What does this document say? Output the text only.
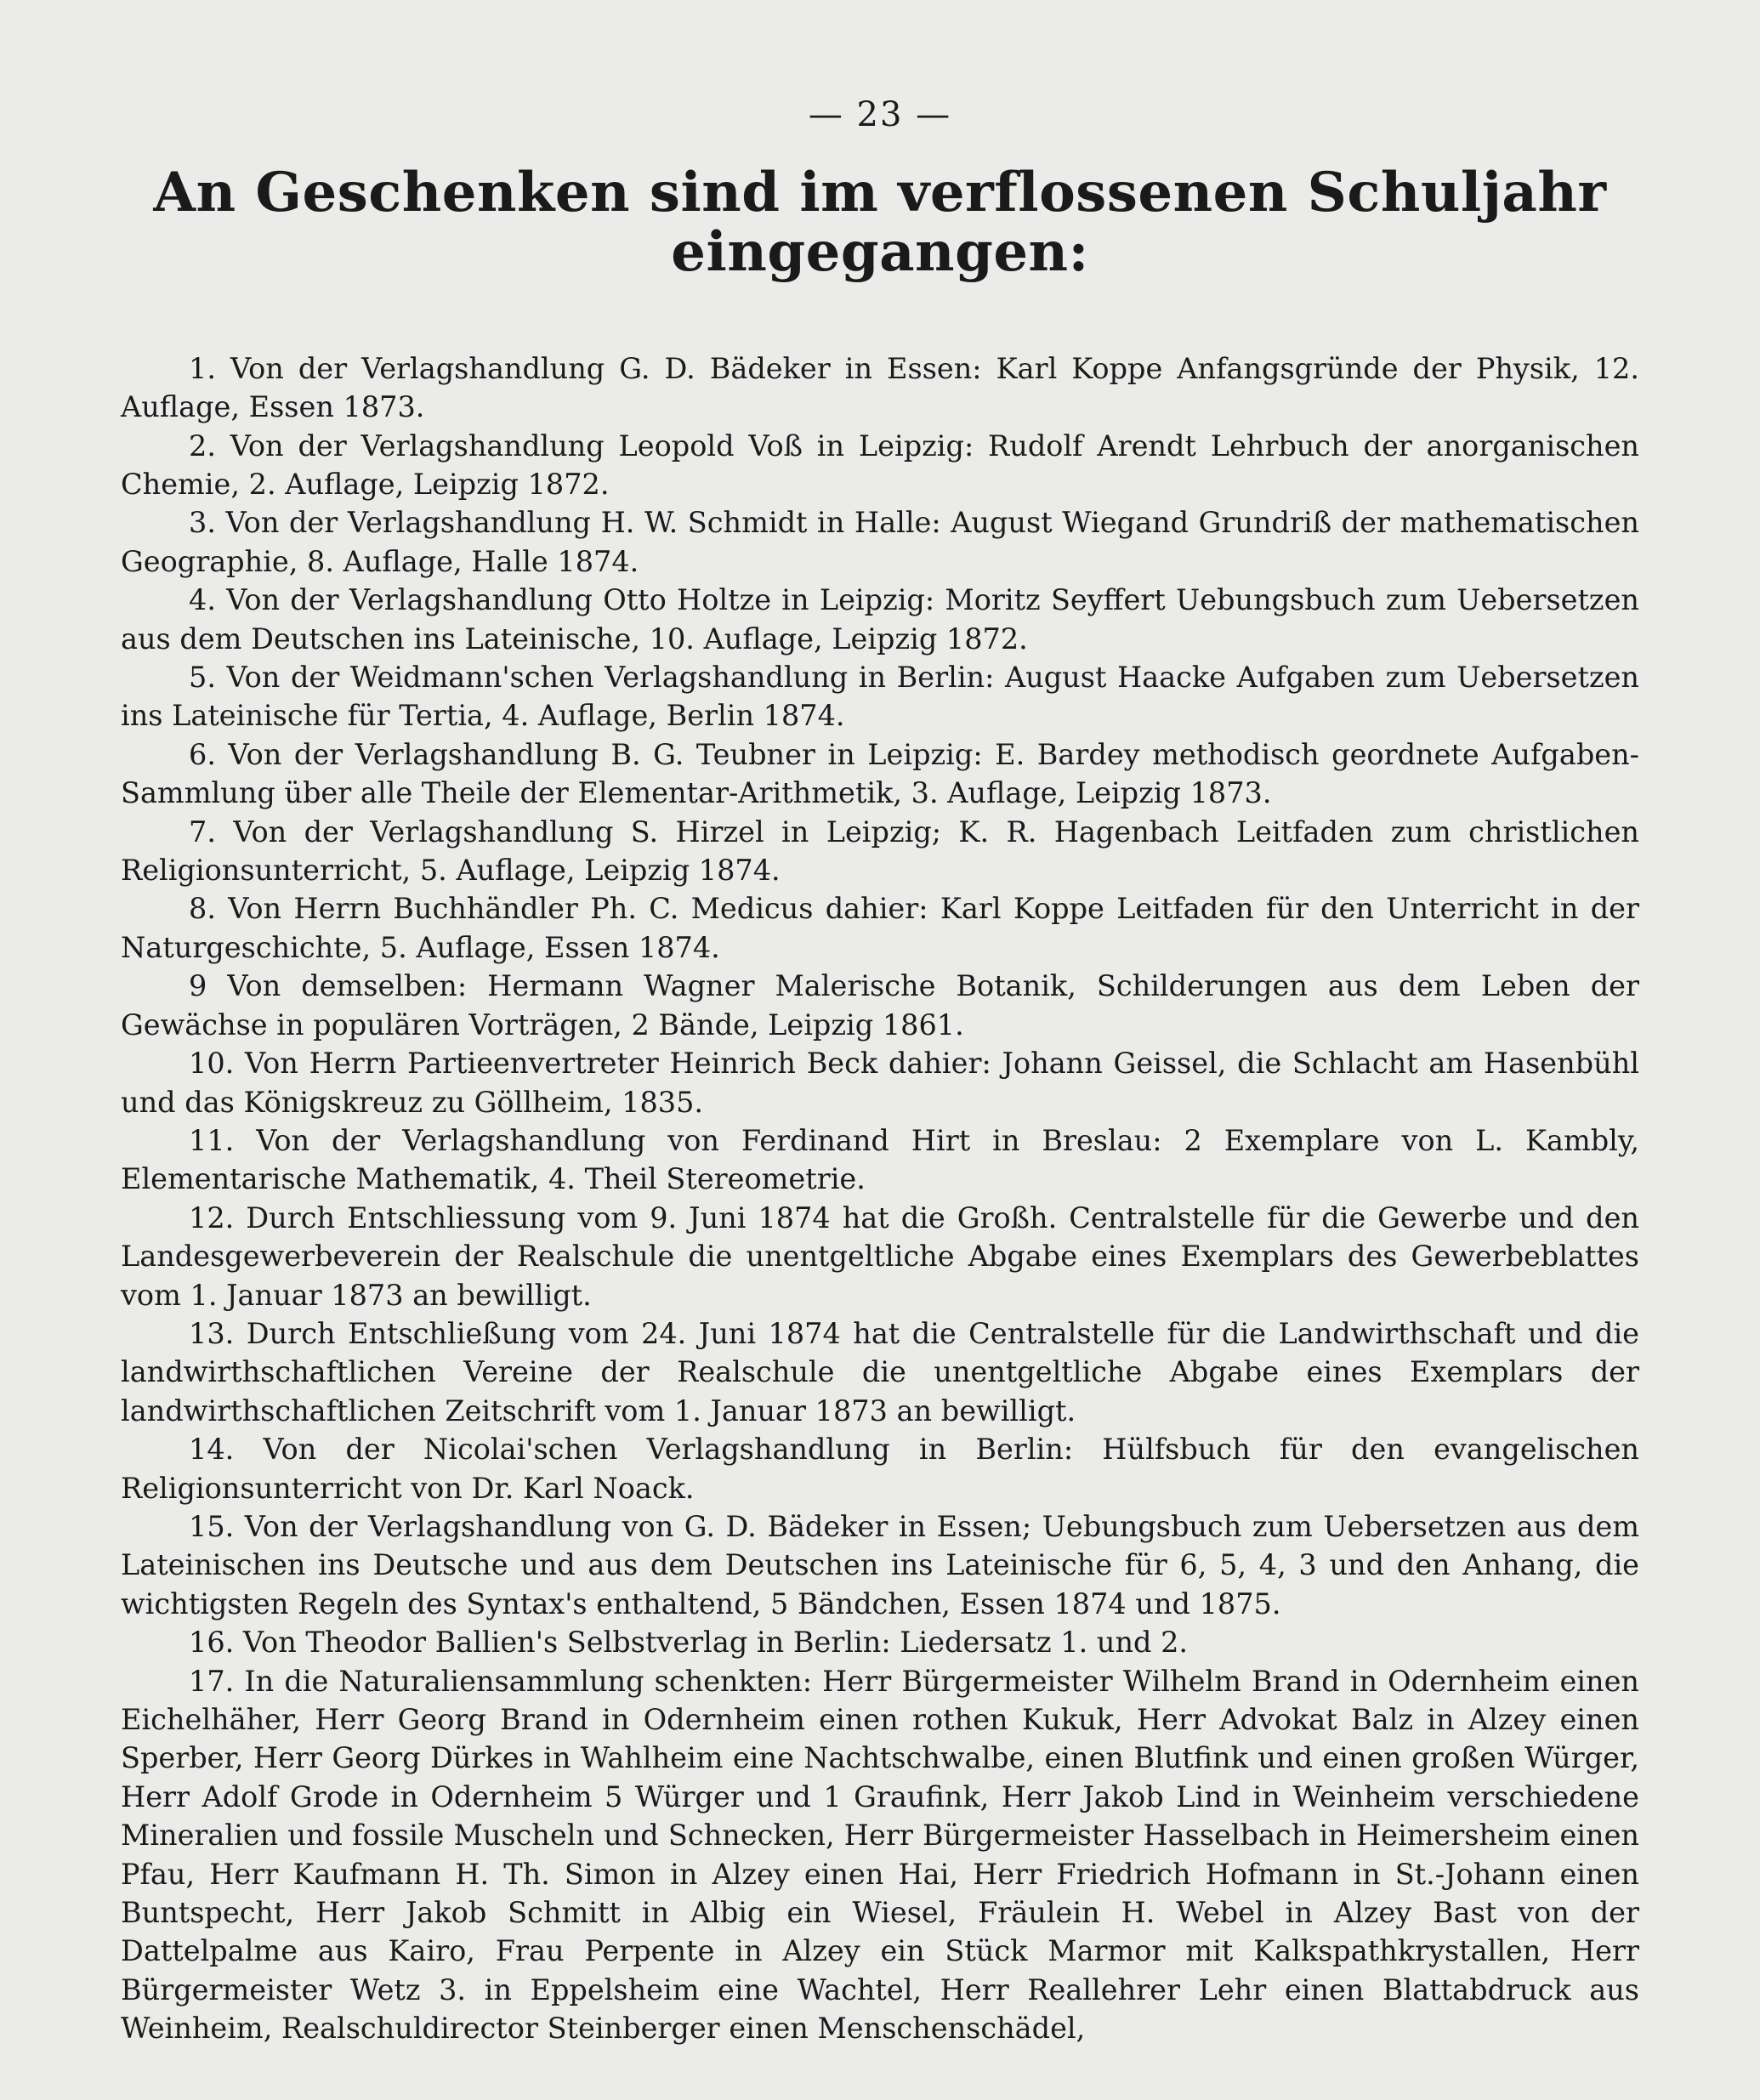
— 23 —
An Geschenken sind im verflossenen Schuljahr eingegangen:

1. Von der Verlagshandlung G. D. Bädeker in Essen: Karl Koppe Anfangsgründe der Physik, 12. Auflage, Essen 1873.

2. Von der Verlagshandlung Leopold Voß in Leipzig: Rudolf Arendt Lehrbuch der anorganischen Chemie, 2. Auflage, Leipzig 1872.

3. Von der Verlagshandlung H. W. Schmidt in Halle: August Wiegand Grundriß der mathematischen Geographie, 8. Auflage, Halle 1874.

4. Von der Verlagshandlung Otto Holtze in Leipzig: Moritz Seyffert Uebungsbuch zum Uebersetzen aus dem Deutschen ins Lateinische, 10. Auflage, Leipzig 1872.

5. Von der Weidmann'schen Verlagshandlung in Berlin: August Haacke Aufgaben zum Uebersetzen ins Lateinische für Tertia, 4. Auflage, Berlin 1874.

6. Von der Verlagshandlung B. G. Teubner in Leipzig: E. Bardey methodisch geordnete Aufgaben-Sammlung über alle Theile der Elementar-Arithmetik, 3. Auflage, Leipzig 1873.

7. Von der Verlagshandlung S. Hirzel in Leipzig; K. R. Hagenbach Leitfaden zum christlichen Religionsunterricht, 5. Auflage, Leipzig 1874.

8. Von Herrn Buchhändler Ph. C. Medicus dahier: Karl Koppe Leitfaden für den Unterricht in der Naturgeschichte, 5. Auflage, Essen 1874.

9 Von demselben: Hermann Wagner Malerische Botanik, Schilderungen aus dem Leben der Gewächse in populären Vorträgen, 2 Bände, Leipzig 1861.

10. Von Herrn Partieenvertreter Heinrich Beck dahier: Johann Geissel, die Schlacht am Hasenbühl und das Königskreuz zu Göllheim, 1835.

11. Von der Verlagshandlung von Ferdinand Hirt in Breslau: 2 Exemplare von L. Kambly, Elementarische Mathematik, 4. Theil Stereometrie.

12. Durch Entschliessung vom 9. Juni 1874 hat die Großh. Centralstelle für die Gewerbe und den Landesgewerbeverein der Realschule die unentgeltliche Abgabe eines Exemplars des Gewerbeblattes vom 1. Januar 1873 an bewilligt.

13. Durch Entschließung vom 24. Juni 1874 hat die Centralstelle für die Landwirthschaft und die landwirthschaftlichen Vereine der Realschule die unentgeltliche Abgabe eines Exemplars der landwirthschaftlichen Zeitschrift vom 1. Januar 1873 an bewilligt.

14. Von der Nicolai'schen Verlagshandlung in Berlin: Hülfsbuch für den evangelischen Religionsunterricht von Dr. Karl Noack.

15. Von der Verlagshandlung von G. D. Bädeker in Essen; Uebungsbuch zum Uebersetzen aus dem Lateinischen ins Deutsche und aus dem Deutschen ins Lateinische für 6, 5, 4, 3 und den Anhang, die wichtigsten Regeln des Syntax's enthaltend, 5 Bändchen, Essen 1874 und 1875.

16. Von Theodor Ballien's Selbstverlag in Berlin: Liedersatz 1. und 2.

17. In die Naturaliensammlung schenkten: Herr Bürgermeister Wilhelm Brand in Odernheim einen Eichelhäher, Herr Georg Brand in Odernheim einen rothen Kukuk, Herr Advokat Balz in Alzey einen Sperber, Herr Georg Dürkes in Wahlheim eine Nachtschwalbe, einen Blutfink und einen großen Würger, Herr Adolf Grode in Odernheim 5 Würger und 1 Graufink, Herr Jakob Lind in Weinheim verschiedene Mineralien und fossile Muscheln und Schnecken, Herr Bürgermeister Hasselbach in Heimersheim einen Pfau, Herr Kaufmann H. Th. Simon in Alzey einen Hai, Herr Friedrich Hofmann in St.-Johann einen Buntspecht, Herr Jakob Schmitt in Albig ein Wiesel, Fräulein H. Webel in Alzey Bast von der Dattelpalme aus Kairo, Frau Perpente in Alzey ein Stück Marmor mit Kalkspathkrystallen, Herr Bürgermeister Wetz 3. in Eppelsheim eine Wachtel, Herr Reallehrer Lehr einen Blattabdruck aus Weinheim, Realschuldirector Steinberger einen Menschenschädel,
